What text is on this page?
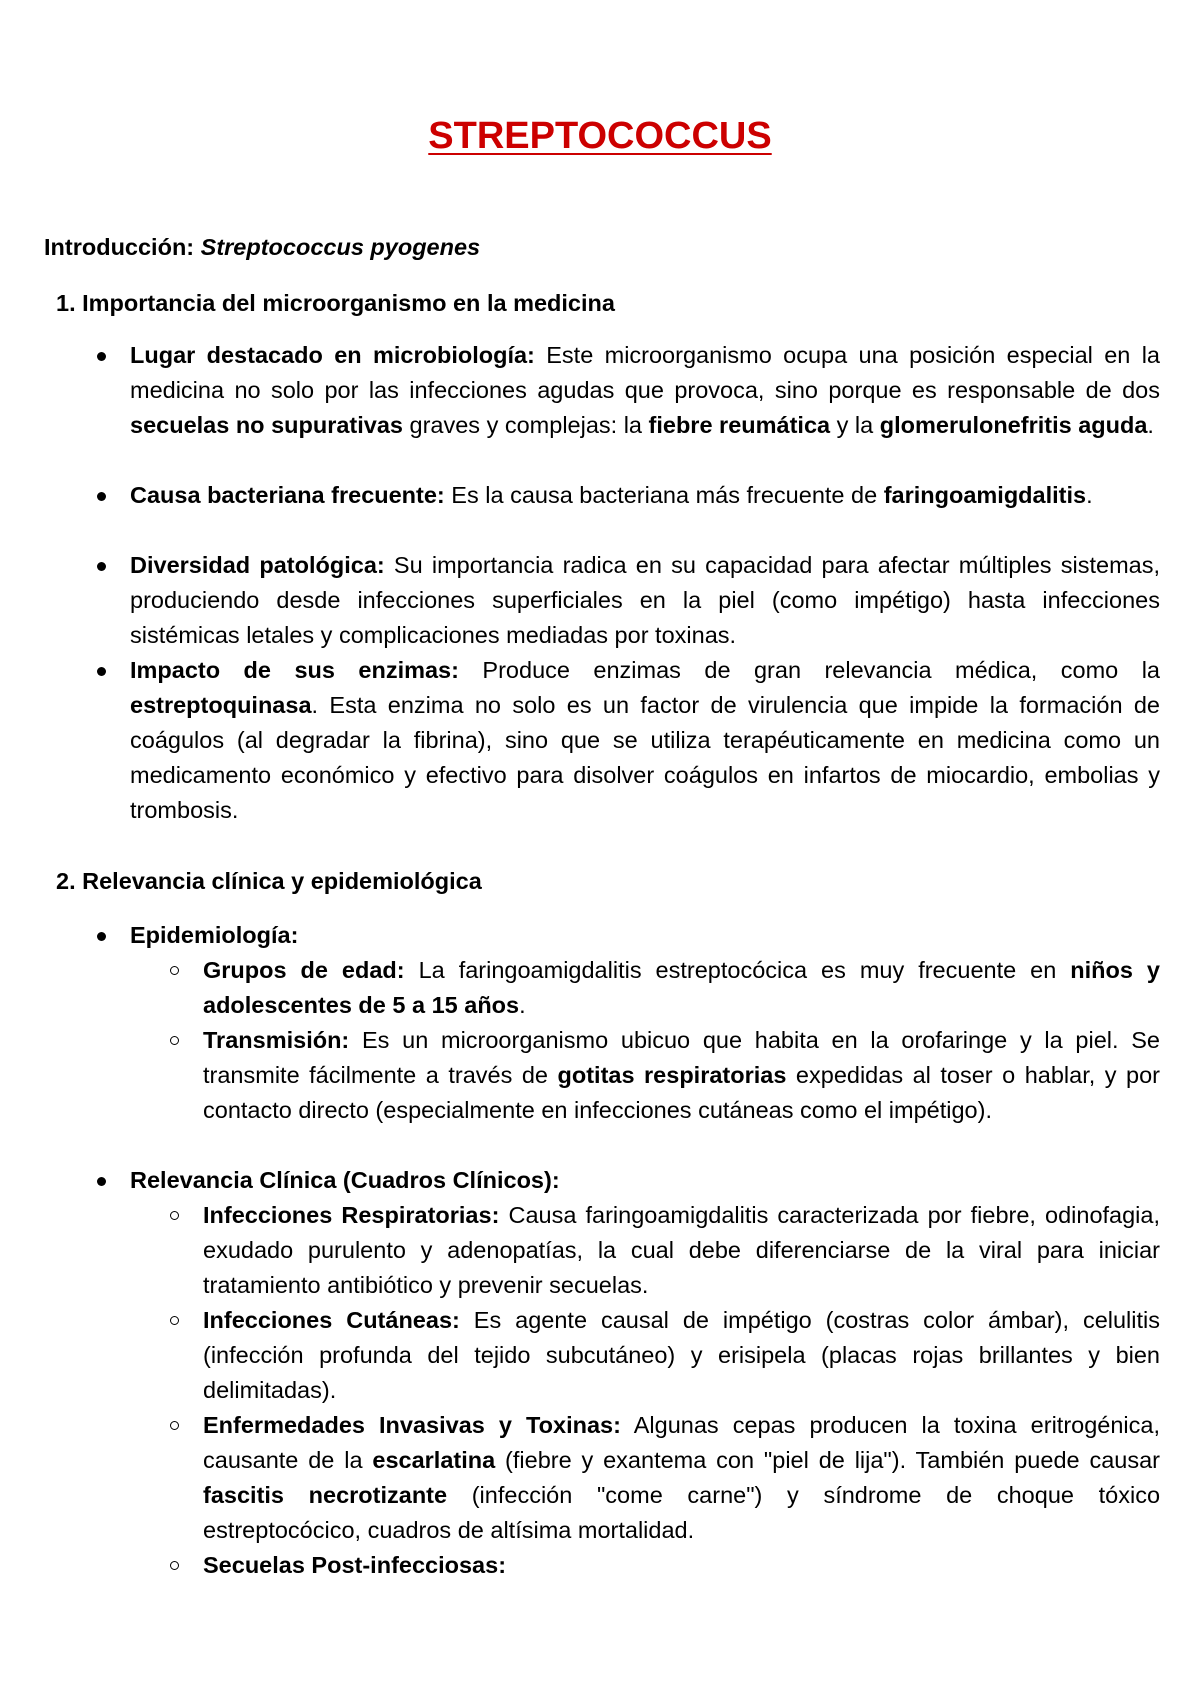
STREPTOCOCCUS
Introducción: Streptococcus pyogenes
1. Importancia del microorganismo en la medicina

Lugar destacado en microbiología: Este microorganismo ocupa una posición especial en la medicina no solo por las infecciones agudas que provoca, sino porque es responsable de dos secuelas no supurativas graves y complejas: la fiebre reumática y la glomerulonefritis aguda.

Causa bacteriana frecuente: Es la causa bacteriana más frecuente de faringoamigdalitis.

Diversidad patológica: Su importancia radica en su capacidad para afectar múltiples sistemas, produciendo desde infecciones superficiales en la piel (como impétigo) hasta infecciones sistémicas letales y complicaciones mediadas por toxinas.

Impacto de sus enzimas: Produce enzimas de gran relevancia médica, como la estreptoquinasa. Esta enzima no solo es un factor de virulencia que impide la formación de coágulos (al degradar la fibrina), sino que se utiliza terapéuticamente en medicina como un medicamento económico y efectivo para disolver coágulos en infartos de miocardio, embolias y trombosis.

2. Relevancia clínica y epidemiológica

Epidemiología:

Grupos de edad: La faringoamigdalitis estreptocócica es muy frecuente en niños y adolescentes de 5 a 15 años.

Transmisión: Es un microorganismo ubicuo que habita en la orofaringe y la piel. Se transmite fácilmente a través de gotitas respiratorias expedidas al toser o hablar, y por contacto directo (especialmente en infecciones cutáneas como el impétigo).

Relevancia Clínica (Cuadros Clínicos):

Infecciones Respiratorias: Causa faringoamigdalitis caracterizada por fiebre, odinofagia, exudado purulento y adenopatías, la cual debe diferenciarse de la viral para iniciar tratamiento antibiótico y prevenir secuelas.

Infecciones Cutáneas: Es agente causal de impétigo (costras color ámbar), celulitis (infección profunda del tejido subcutáneo) y erisipela (placas rojas brillantes y bien delimitadas).

Enfermedades Invasivas y Toxinas: Algunas cepas producen la toxina eritrogénica, causante de la escarlatina (fiebre y exantema con "piel de lija"). También puede causar fascitis necrotizante (infección "come carne") y síndrome de choque tóxico estreptocócico, cuadros de altísima mortalidad.

Secuelas Post-infecciosas:
